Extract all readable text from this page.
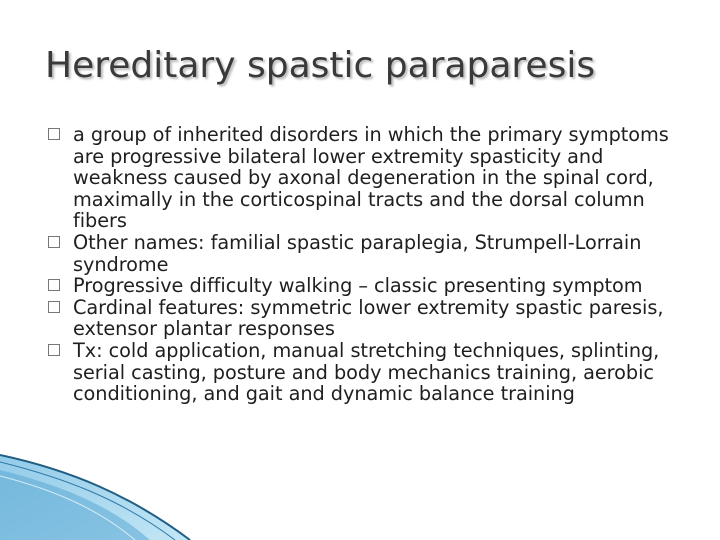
Hereditary spastic paraparesis
a group of inherited disorders in which the primary symptoms are progressive bilateral lower extremity spasticity and weakness caused by axonal degeneration in the spinal cord, maximally in the corticospinal tracts and the dorsal column fibers
Other names: familial spastic paraplegia, Strumpell-Lorrain syndrome
Progressive difficulty walking – classic presenting symptom
Cardinal features: symmetric lower extremity spastic paresis, extensor plantar responses
Tx: cold application, manual stretching techniques, splinting, serial casting, posture and body mechanics training, aerobic conditioning, and gait and dynamic balance training
